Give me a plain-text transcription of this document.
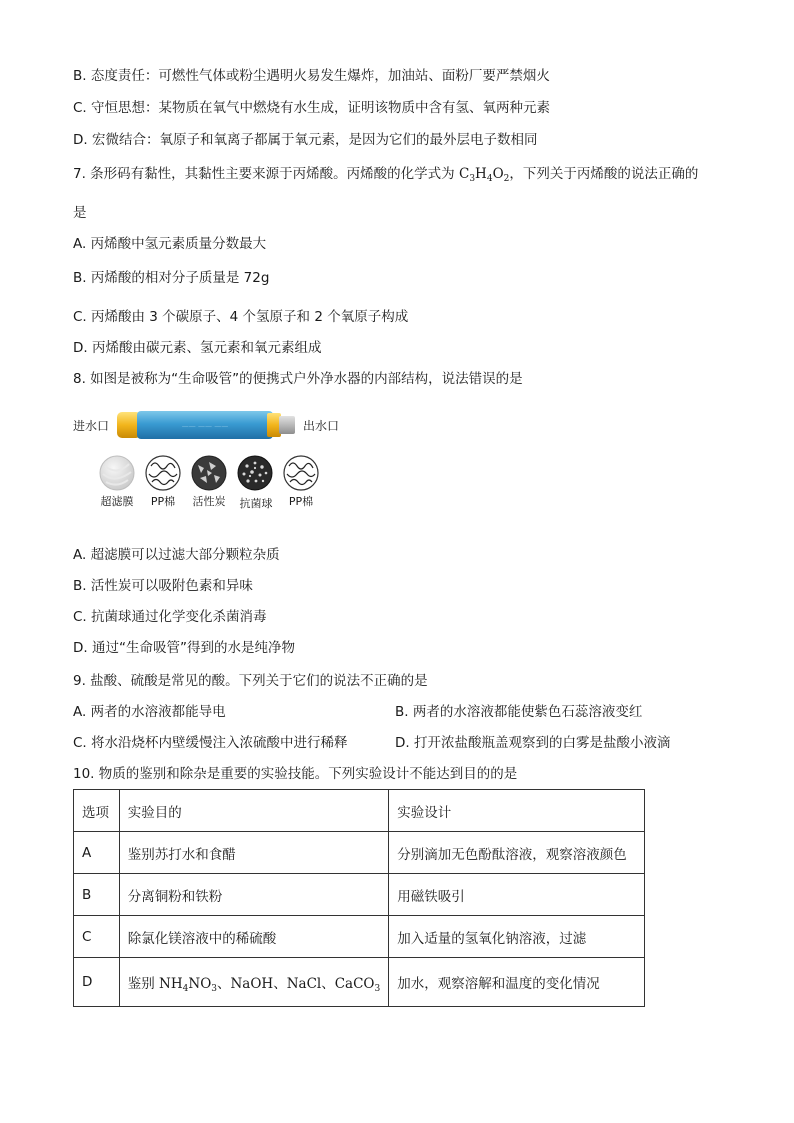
B. 态度责任：可燃性气体或粉尘遇明火易发生爆炸，加油站、面粉厂要严禁烟火
C. 守恒思想：某物质在氧气中燃烧有水生成，证明该物质中含有氢、氧两种元素
D. 宏微结合：氧原子和氧离子都属于氧元素，是因为它们的最外层电子数相同
7. 条形码有黏性，其黏性主要来源于丙烯酸。丙烯酸的化学式为 $C_3H_4O_2$，下列关于丙烯酸的说法正确的
是
A. 丙烯酸中氢元素质量分数最大
B. 丙烯酸的相对分子质量是 72g
C. 丙烯酸由 3 个碳原子、4 个氢原子和 2 个氧原子构成
D. 丙烯酸由碳元素、氢元素和氧元素组成
8. 如图是被称为“生命吸管”的便携式户外净水器的内部结构，说法错误的是
进水口	出水口
—— —— ——
超滤膜 PP棉 活性炭 抗菌球 PP棉
A. 超滤膜可以过滤大部分颗粒杂质
B. 活性炭可以吸附色素和异味
C. 抗菌球通过化学变化杀菌消毒
D. 通过“生命吸管”得到的水是纯净物
9. 盐酸、硫酸是常见的酸。下列关于它们的说法不正确的是
A. 两者的水溶液都能导电	B. 两者的水溶液都能使紫色石蕊溶液变红
C. 将水沿烧杯内壁缓慢注入浓硫酸中进行稀释	D. 打开浓盐酸瓶盖观察到的白雾是盐酸小液滴
10. 物质的鉴别和除杂是重要的实验技能。下列实验设计不能达到目的的是
选项	实验目的	实验设计
A	鉴别苏打水和食醋	分别滴加无色酚酞溶液，观察溶液颜色
B	分离铜粉和铁粉	用磁铁吸引
C	除氯化镁溶液中的稀硫酸	加入适量的氢氧化钠溶液，过滤
D	鉴别 $NH_4NO_3$、NaOH、NaCl、CaCO$_3$	加水，观察溶解和温度的变化情况
